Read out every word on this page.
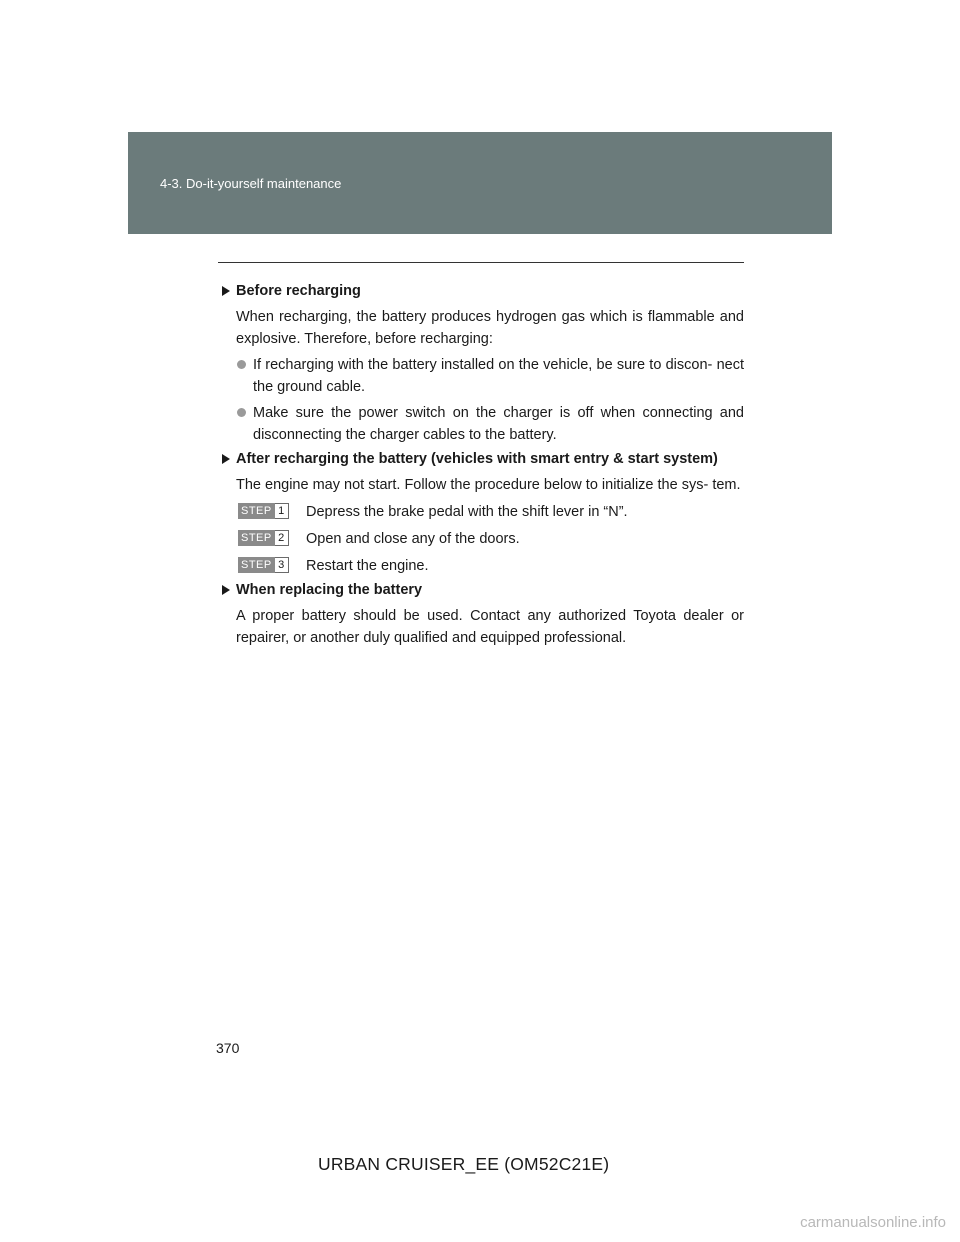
4-3. Do-it-yourself maintenance
Before recharging
When recharging, the battery produces hydrogen gas which is flammable and explosive. Therefore, before recharging:
If recharging with the battery installed on the vehicle, be sure to discon- nect the ground cable.
Make sure the power switch on the charger is off when connecting and disconnecting the charger cables to the battery.
After recharging the battery (vehicles with smart entry & start system)
The engine may not start. Follow the procedure below to initialize the sys- tem.
STEP 1	Depress the brake pedal with the shift lever in “N”.
STEP 2	Open and close any of the doors.
STEP 3	Restart the engine.
When replacing the battery
A proper battery should be used. Contact any authorized Toyota dealer or repairer, or another duly qualified and equipped professional.
370
URBAN CRUISER_EE (OM52C21E)
carmanualsonline.info
